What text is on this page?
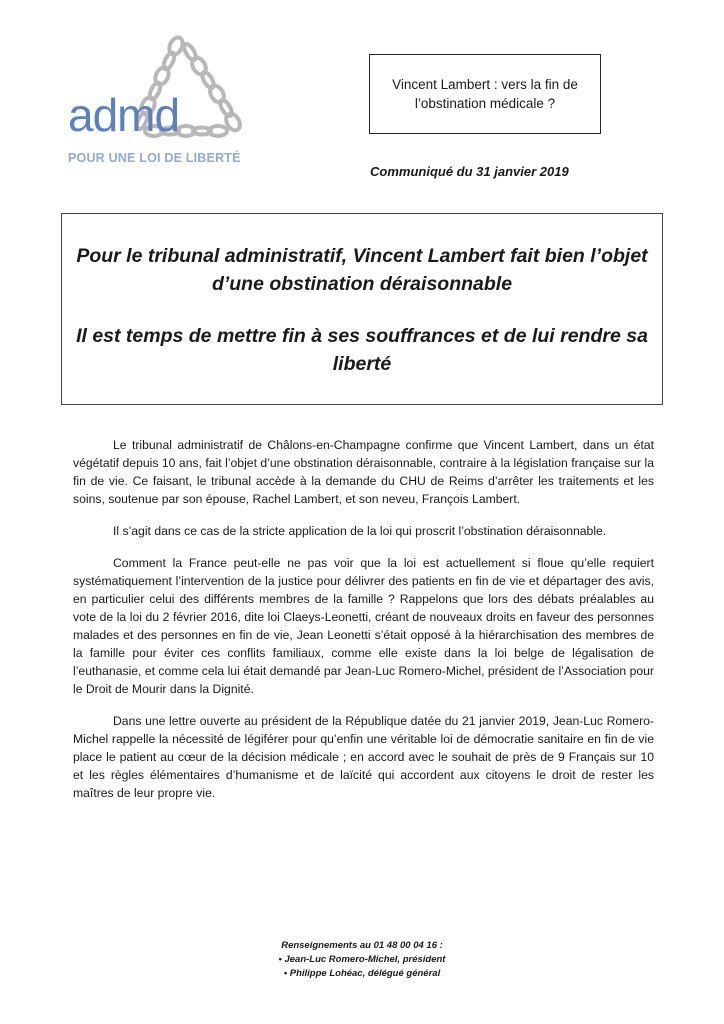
admd
POUR UNE LOI DE LIBERTÉ
Vincent Lambert : vers la fin de l’obstination médicale ?
Communiqué du 31 janvier 2019

Pour le tribunal administratif, Vincent Lambert fait bien l’objet d’une obstination déraisonnable

Il est temps de mettre fin à ses souffrances et de lui rendre sa liberté

Le tribunal administratif de Châlons-en-Champagne confirme que Vincent Lambert, dans un état végétatif depuis 10 ans, fait l’objet d’une obstination déraisonnable, contraire à la législation française sur la fin de vie. Ce faisant, le tribunal accède à la demande du CHU de Reims d’arrêter les traitements et les soins, soutenue par son épouse, Rachel Lambert, et son neveu, François Lambert.

Il s’agit dans ce cas de la stricte application de la loi qui proscrit l’obstination déraisonnable.

Comment la France peut-elle ne pas voir que la loi est actuellement si floue qu’elle requiert systématiquement l’intervention de la justice pour délivrer des patients en fin de vie et départager des avis, en particulier celui des différents membres de la famille ? Rappelons que lors des débats préalables au vote de la loi du 2 février 2016, dite loi Claeys-Leonetti, créant de nouveaux droits en faveur des personnes malades et des personnes en fin de vie, Jean Leonetti s’était opposé à la hiérarchisation des membres de la famille pour éviter ces conflits familiaux, comme elle existe dans la loi belge de légalisation de l’euthanasie, et comme cela lui était demandé par Jean-Luc Romero-Michel, président de l’Association pour le Droit de Mourir dans la Dignité.

Dans une lettre ouverte au président de la République datée du 21 janvier 2019, Jean-Luc Romero-Michel rappelle la nécessité de légiférer pour qu’enfin une véritable loi de démocratie sanitaire en fin de vie place le patient au cœur de la décision médicale ; en accord avec le souhait de près de 9 Français sur 10 et les règles élémentaires d’humanisme et de laïcité qui accordent aux citoyens le droit de rester les maîtres de leur propre vie.

Renseignements au 01 48 00 04 16 :
• Jean-Luc Romero-Michel, président
• Philippe Lohéac, délégué général
